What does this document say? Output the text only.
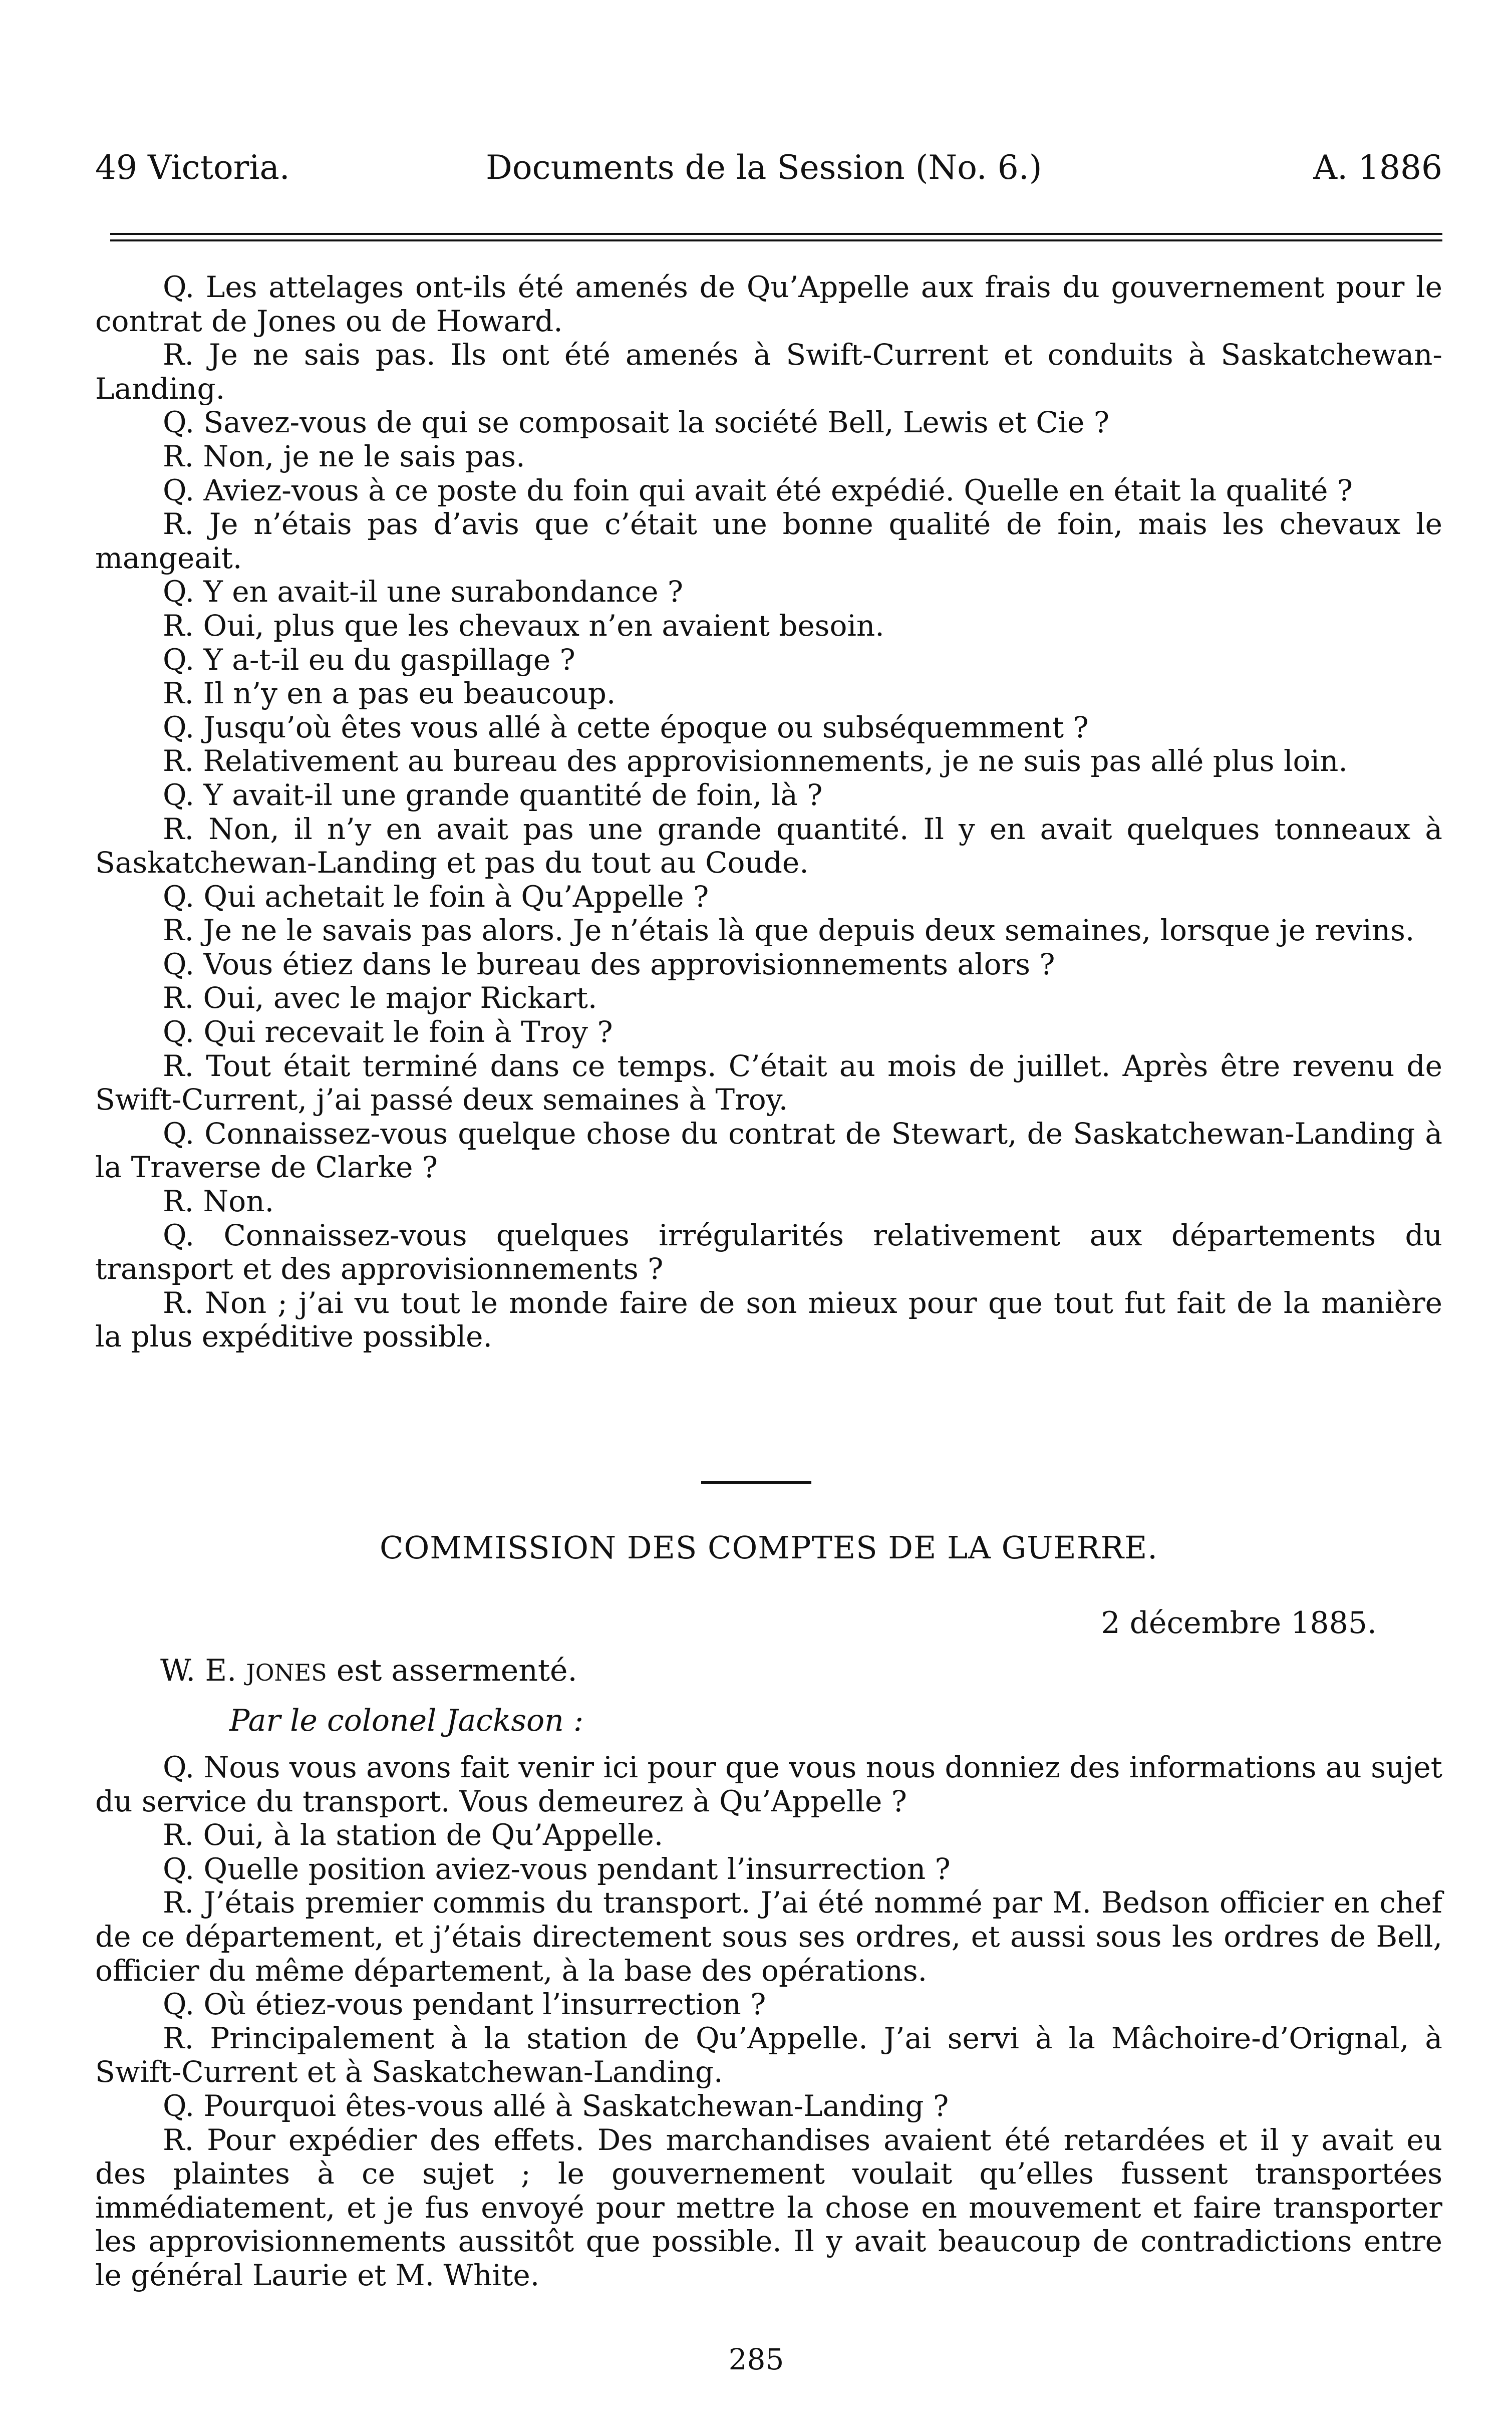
49 Victoria.	Documents de la Session (No. 6.)	A. 1886

Q. Les attelages ont-ils été amenés de Qu’Appelle aux frais du gouvernement pour le contrat de Jones ou de Howard.

R. Je ne sais pas. Ils ont été amenés à Swift-Current et conduits à Saskatchewan-Landing.

Q. Savez-vous de qui se composait la société Bell, Lewis et Cie ?

R. Non, je ne le sais pas.

Q. Aviez-vous à ce poste du foin qui avait été expédié. Quelle en était la qualité ?

R. Je n’étais pas d’avis que c’était une bonne qualité de foin, mais les chevaux le mangeait.

Q. Y en avait-il une surabondance ?

R. Oui, plus que les chevaux n’en avaient besoin.

Q. Y a-t-il eu du gaspillage ?

R. Il n’y en a pas eu beaucoup.

Q. Jusqu’où êtes vous allé à cette époque ou subséquemment ?

R. Relativement au bureau des approvisionnements, je ne suis pas allé plus loin.

Q. Y avait-il une grande quantité de foin, là ?

R. Non, il n’y en avait pas une grande quantité. Il y en avait quelques tonneaux à Saskatchewan-Landing et pas du tout au Coude.

Q. Qui achetait le foin à Qu’Appelle ?

R. Je ne le savais pas alors. Je n’étais là que depuis deux semaines, lorsque je revins.

Q. Vous étiez dans le bureau des approvisionnements alors ?

R. Oui, avec le major Rickart.

Q. Qui recevait le foin à Troy ?

R. Tout était terminé dans ce temps. C’était au mois de juillet. Après être revenu de Swift-Current, j’ai passé deux semaines à Troy.

Q. Connaissez-vous quelque chose du contrat de Stewart, de Saskatchewan-Landing à la Traverse de Clarke ?

R. Non.

Q. Connaissez-vous quelques irrégularités relativement aux départements du transport et des approvisionnements ?

R. Non ; j’ai vu tout le monde faire de son mieux pour que tout fut fait de la manière la plus expéditive possible.

COMMISSION DES COMPTES DE LA GUERRE.
2 décembre 1885.
W. E. JONES est assermenté.
Par le colonel Jackson :

Q. Nous vous avons fait venir ici pour que vous nous donniez des informations au sujet du service du transport. Vous demeurez à Qu’Appelle ?

R. Oui, à la station de Qu’Appelle.

Q. Quelle position aviez-vous pendant l’insurrection ?

R. J’étais premier commis du transport. J’ai été nommé par M. Bedson officier en chef de ce département, et j’étais directement sous ses ordres, et aussi sous les ordres de Bell, officier du même département, à la base des opérations.

Q. Où étiez-vous pendant l’insurrection ?

R. Principalement à la station de Qu’Appelle. J’ai servi à la Mâchoire-d’Orignal, à Swift-Current et à Saskatchewan-Landing.

Q. Pourquoi êtes-vous allé à Saskatchewan-Landing ?

R. Pour expédier des effets. Des marchandises avaient été retardées et il y avait eu des plaintes à ce sujet ; le gouvernement voulait qu’elles fussent transportées immédiatement, et je fus envoyé pour mettre la chose en mouvement et faire transporter les approvisionnements aussitôt que possible. Il y avait beaucoup de contradictions entre le général Laurie et M. White.

285
